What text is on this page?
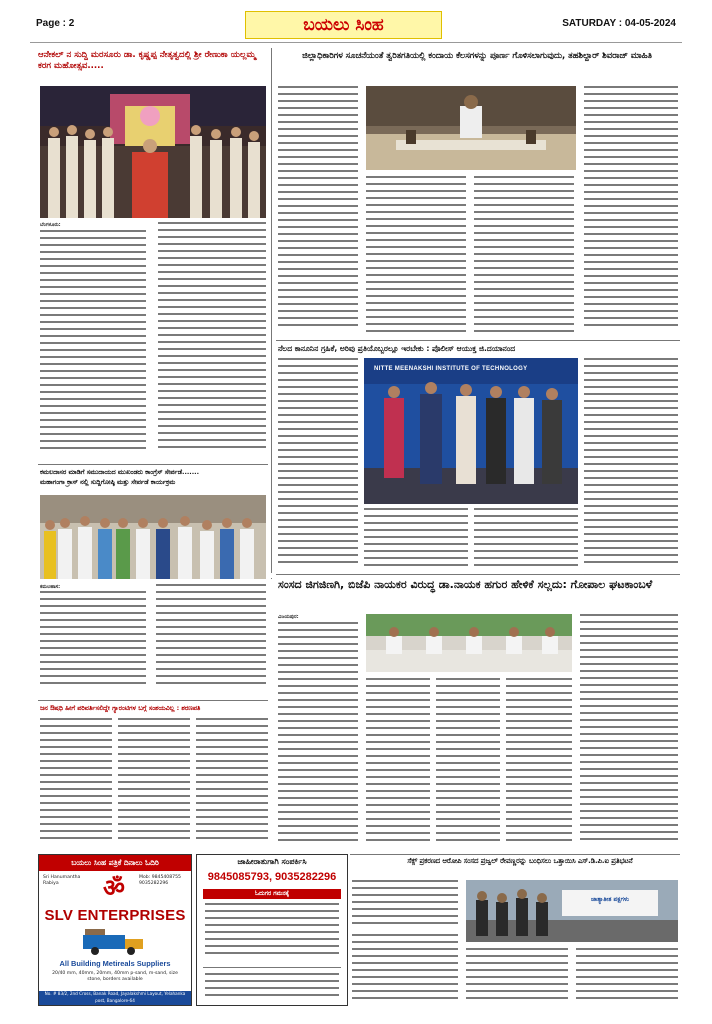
Page : 2	ಬಯಲು ಸಿಂಹ	SATURDAY : 04-05-2024
ಆನೇಕಲ್ ನ ಸುದ್ದಿ ಮರಸೂರು ಡಾ. ಕೃಷ್ಣಪ್ಪ ನೇತೃತ್ವದಲ್ಲಿ ಶ್ರೀ ರೇಣುಕಾ ಯಲ್ಲಮ್ಮ ಕರಗ ಮಹೋತ್ಸವ.....
ಬೆಂಗಳೂರು:
ಕಮಲದಾಸರ ಮಾಡಿಗೆ ಸಮುದಾಯದ ಮುಖಂಡರು ಕಾಂಗ್ರೆಸ್ ಸೇರ್ಪಡೆ.......
ಮಹಾಗಂಗಾ ಕ್ರಾಸ್ ನಲ್ಲಿ ಸುದ್ದಿಗೋಷ್ಠಿ ಮತ್ತು ಸೇರ್ಪಡೆ ಕಾರ್ಯಕ್ರಮ
ಕಮಲಹಾಸ:
ಜನ ಔಷಧಿ ಹೀಗೆ ಪರಿವರ್ತಿಸಲಿದ್ದೇ ಗ್ಯಾರಂಟಿಗಳ ಬಗ್ಗೆ ಸಂಶಯವಿಲ್ಲ : ಶರಣಪತಿ
ಜಿಲ್ಲಾಧಿಕಾರಿಗಳ ಸೂಚನೆಯಂತೆ ತ್ವರಿತಗತಿಯಲ್ಲಿ ಕಂದಾಯ ಕೆಲಸಗಳನ್ನು ಪೂರ್ಣ ಗೊಳಿಸಲಾಗುವುದು, ತಹಶಿಲ್ದಾರ್ ಶಿವರಾಜ್ ಮಾಹಿತಿ
ನೆಲದ ಕಾನೂನಿನ ಗ್ರಹಿಕೆ, ಅರಿವು ಪ್ರತಿಯೊಬ್ಬರಲ್ಲೂ ಇರಬೇಕು : ಪೊಲೀಸ್ ಆಯುಕ್ತ ಜಿ.ದಯಾನಂದ
NITTE MEENAKSHI INSTITUTE OF TECHNOLOGY
ಸಂಸದ ಜಿಗಜಿಣಗಿ, ಬಿಜೆಪಿ ನಾಯಕರ ವಿರುದ್ಧ ಡಾ.ನಾಯಕ ಹಗುರ ಹೇಳಿಕೆ ಸಲ್ಲದು: ಗೋಪಾಲ ಘಟಕಾಂಬಳೆ
ವಿಜಯಪುರ:
ಬಯಲು ಸಿಂಹ ಪತ್ರಿಕೆ ದಿನಾಲು ಓದಿರಿ
Sri Hanumantha Rabiya	ॐ	Mob: 9845408755 9035282296
SLV ENTERPRISES
All Building Metireals Suppliers
20/40 mm, 40mm, 20mm, 40mm p-sand, m-sand, size stone, borders available
No. # 83/2, 2nd Cross, Banak Road, Jayalakshmi Layout, Yelahanka post, Bangalore-64
ಜಾಹೀರಾತುಗಾಗಿ ಸಂಪರ್ಕಿಸಿ
9845085793, 9035282296
ಓದುಗರ ಗಮನಕ್ಕೆ
ಸೆಕ್ಸ್ ಪ್ರಕರಣದ ಆರೋಪಿ ಸಂಸದ ಪ್ರಜ್ವಲ್ ರೇವಣ್ಣರನ್ನು ಬಂಧಿಸಲು ಒತ್ತಾಯಿಸಿ ಎಸ್.ಡಿ.ಪಿ.ಐ ಪ್ರತಿಭಟನೆ
ಜಾತ್ಯಾತೀತ ಪಕ್ಷಗಳು
